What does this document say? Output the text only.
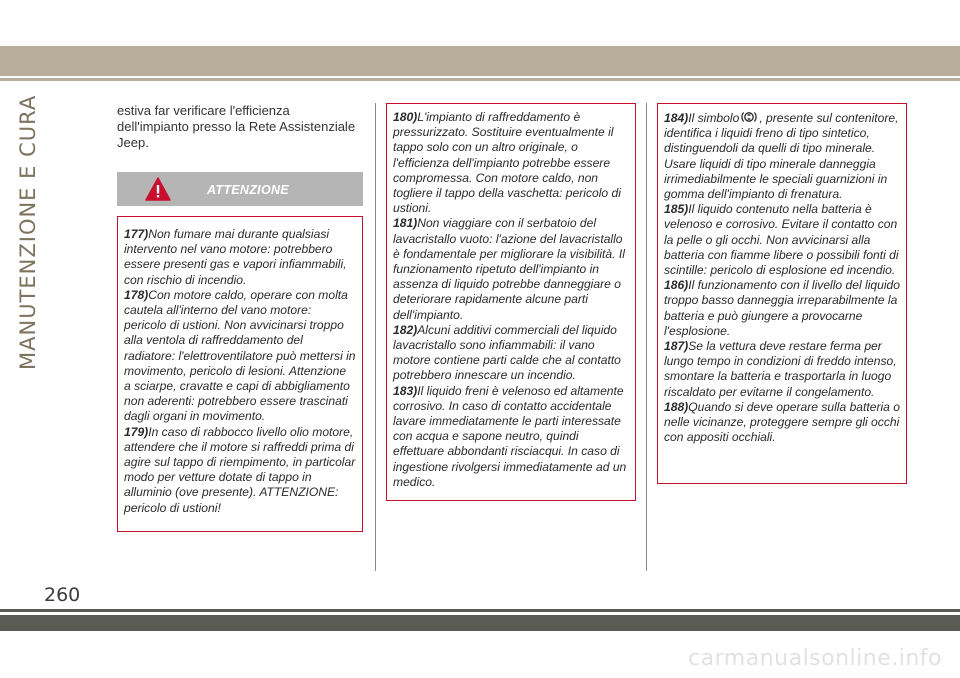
MANUTENZIONE E CURA	estiva far verificare l'efficienza dell'impianto presso la Rete Assistenziale Jeep.
ATTENZIONE

177)Non fumare mai durante qualsiasi intervento nel vano motore: potrebbero essere presenti gas e vapori infiammabili, con rischio di incendio.

178)Con motore caldo, operare con molta cautela all'interno del vano motore: pericolo di ustioni. Non avvicinarsi troppo alla ventola di raffreddamento del radiatore: l'elettroventilatore può mettersi in movimento, pericolo di lesioni. Attenzione a sciarpe, cravatte e capi di abbigliamento non aderenti: potrebbero essere trascinati dagli organi in movimento.

179)In caso di rabbocco livello olio motore, attendere che il motore si raffreddi prima di agire sul tappo di riempimento, in particolar modo per vetture dotate di tappo in alluminio (ove presente). ATTENZIONE: pericolo di ustioni!

180)L'impianto di raffreddamento è pressurizzato. Sostituire eventualmente il tappo solo con un altro originale, o l'efficienza dell'impianto potrebbe essere compromessa. Con motore caldo, non togliere il tappo della vaschetta: pericolo di ustioni.

181)Non viaggiare con il serbatoio del lavacristallo vuoto: l'azione del lavacristallo è fondamentale per migliorare la visibilità. Il funzionamento ripetuto dell'impianto in assenza di liquido potrebbe danneggiare o deteriorare rapidamente alcune parti dell'impianto.

182)Alcuni additivi commerciali del liquido lavacristallo sono infiammabili: il vano motore contiene parti calde che al contatto potrebbero innescare un incendio.

183)Il liquido freni è velenoso ed altamente corrosivo. In caso di contatto accidentale lavare immediatamente le parti interessate con acqua e sapone neutro, quindi effettuare abbondanti risciacqui. In caso di ingestione rivolgersi immediatamente ad un medico.

184)Il simbolo , presente sul contenitore, identifica i liquidi freno di tipo sintetico, distinguendoli da quelli di tipo minerale. Usare liquidi di tipo minerale danneggia irrimediabilmente le speciali guarnizioni in gomma dell'impianto di frenatura.

185)Il liquido contenuto nella batteria è velenoso e corrosivo. Evitare il contatto con la pelle o gli occhi. Non avvicinarsi alla batteria con fiamme libere o possibili fonti di scintille: pericolo di esplosione ed incendio.

186)Il funzionamento con il livello del liquido troppo basso danneggia irreparabilmente la batteria e può giungere a provocarne l'esplosione.

187)Se la vettura deve restare ferma per lungo tempo in condizioni di freddo intenso, smontare la batteria e trasportarla in luogo riscaldato per evitarne il congelamento.

188)Quando si deve operare sulla batteria o nelle vicinanze, proteggere sempre gli occhi con appositi occhiali.

260
carmanualsonline.info
